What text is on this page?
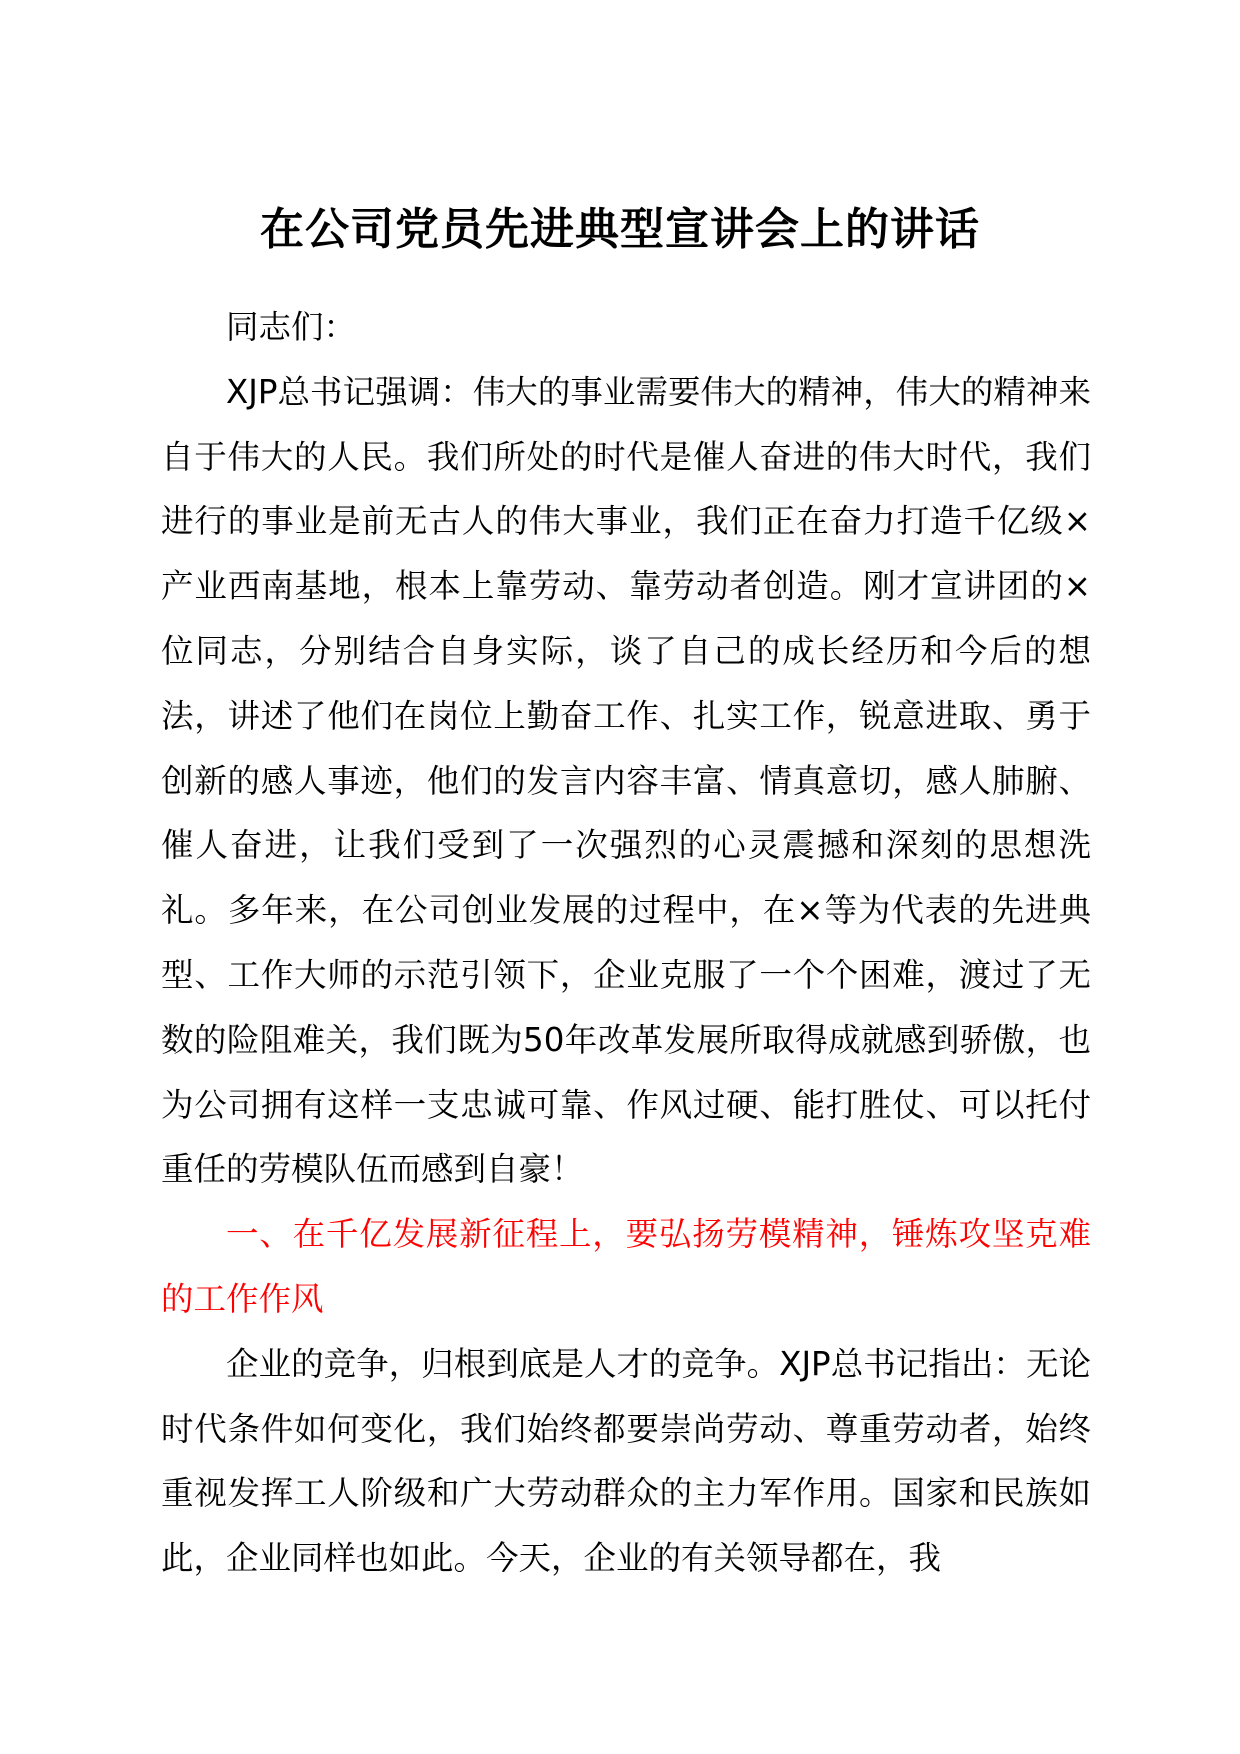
在公司党员先进典型宣讲会上的讲话

同志们：

XJP总书记强调：伟大的事业需要伟大的精神，伟大的精神来自于伟大的人民。我们所处的时代是催人奋进的伟大时代，我们进行的事业是前无古人的伟大事业，我们正在奋力打造千亿级×产业西南基地，根本上靠劳动、靠劳动者创造。刚才宣讲团的×位同志，分别结合自身实际，谈了自己的成长经历和今后的想法，讲述了他们在岗位上勤奋工作、扎实工作，锐意进取、勇于创新的感人事迹，他们的发言内容丰富、情真意切，感人肺腑、催人奋进，让我们受到了一次强烈的心灵震撼和深刻的思想洗礼。多年来，在公司创业发展的过程中，在×等为代表的先进典型、工作大师的示范引领下，企业克服了一个个困难，渡过了无数的险阻难关，我们既为50年改革发展所取得成就感到骄傲，也为公司拥有这样一支忠诚可靠、作风过硬、能打胜仗、可以托付重任的劳模队伍而感到自豪！

一、在千亿发展新征程上，要弘扬劳模精神，锤炼攻坚克难的工作作风

企业的竞争，归根到底是人才的竞争。XJP总书记指出：无论时代条件如何变化，我们始终都要崇尚劳动、尊重劳动者，始终重视发挥工人阶级和广大劳动群众的主力军作用。国家和民族如此，企业同样也如此。今天，企业的有关领导都在，我
